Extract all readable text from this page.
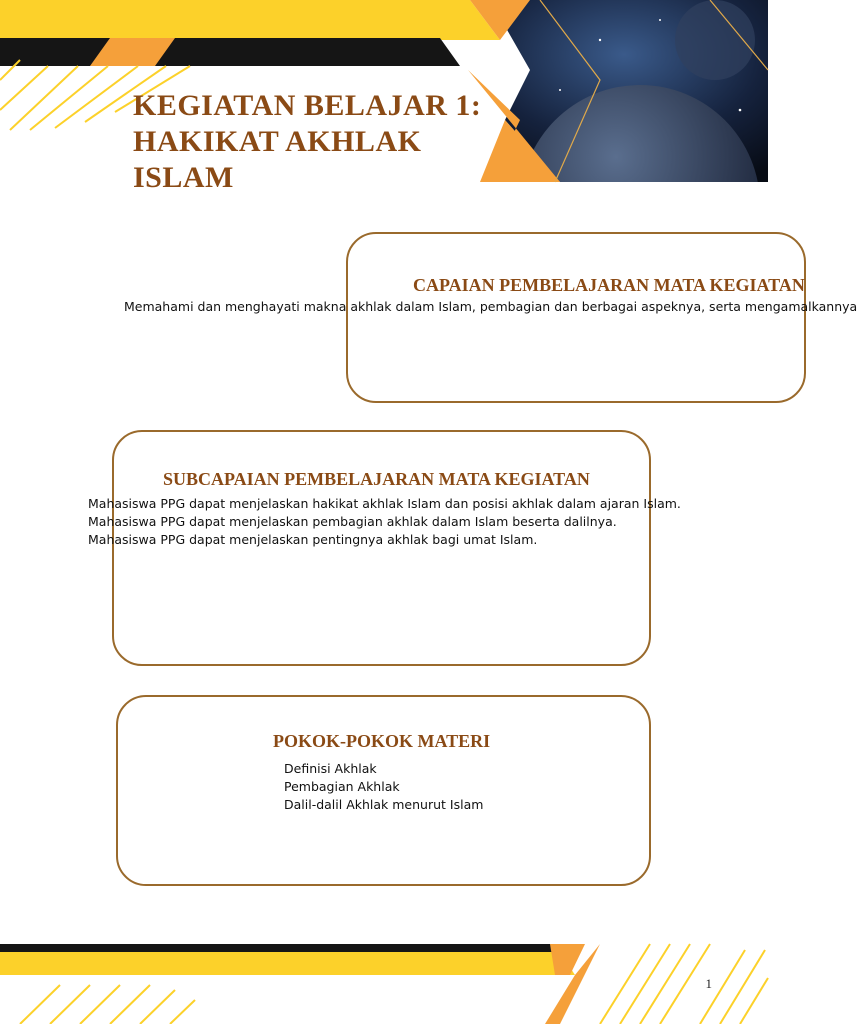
KEGIATAN BELAJAR 1:
HAKIKAT AKHLAK
ISLAM
CAPAIAN PEMBELAJARAN MATA KEGIATAN

Memahami dan menghayati makna akhlak dalam Islam, pembagian dan berbagai aspeknya, serta mengamalkannya

SUBCAPAIAN PEMBELAJARAN MATA KEGIATAN
Mahasiswa PPG dapat menjelaskan hakikat akhlak Islam dan posisi akhlak dalam ajaran Islam.
Mahasiswa PPG dapat menjelaskan pembagian akhlak dalam Islam beserta dalilnya.
Mahasiswa PPG dapat menjelaskan pentingnya akhlak bagi umat Islam.
POKOK-POKOK MATERI
Definisi Akhlak
Pembagian Akhlak
Dalil-dalil Akhlak menurut Islam
1
